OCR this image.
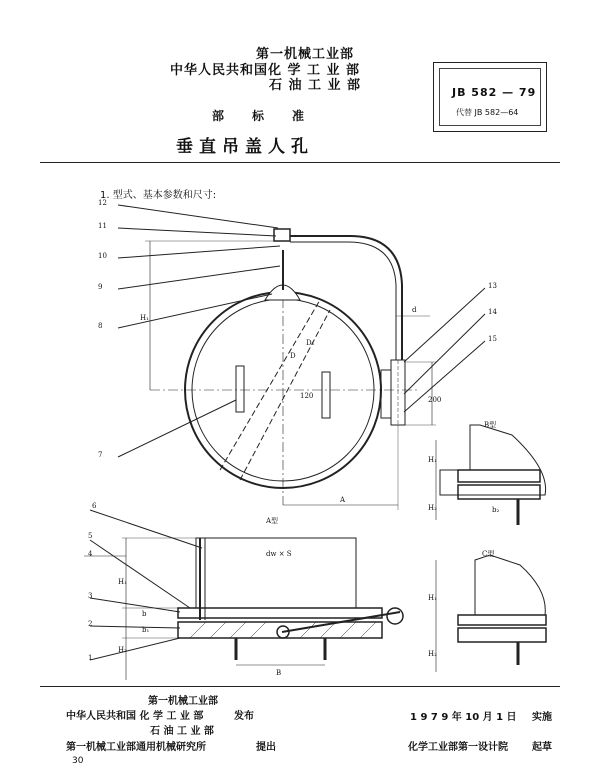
第一机械工业部
中华人民共和国化 学 工 业 部
石 油 工 业 部	JB 582 — 79
代替 JB 582—64
部 标 准
垂直吊盖人孔
1. 型式、基本参数和尺寸:
12
11
10
9
8
7
13
14
15
6
5
4
3
2
1
H₁
D
D₁
d
120	200
A
B
dw × S
H₁
H₂
b
b₁
H₁
H₂	b₂
H₁
H₂
B型
A型
C型
第一机械工业部
中华人民共和国 化 学 工 业 部	发布
石 油 工 业 部
第一机械工业部通用机械研究所	提出
1 9 7 9 年 10 月 1 日 实施
化学工业部第一设计院 起草
30
